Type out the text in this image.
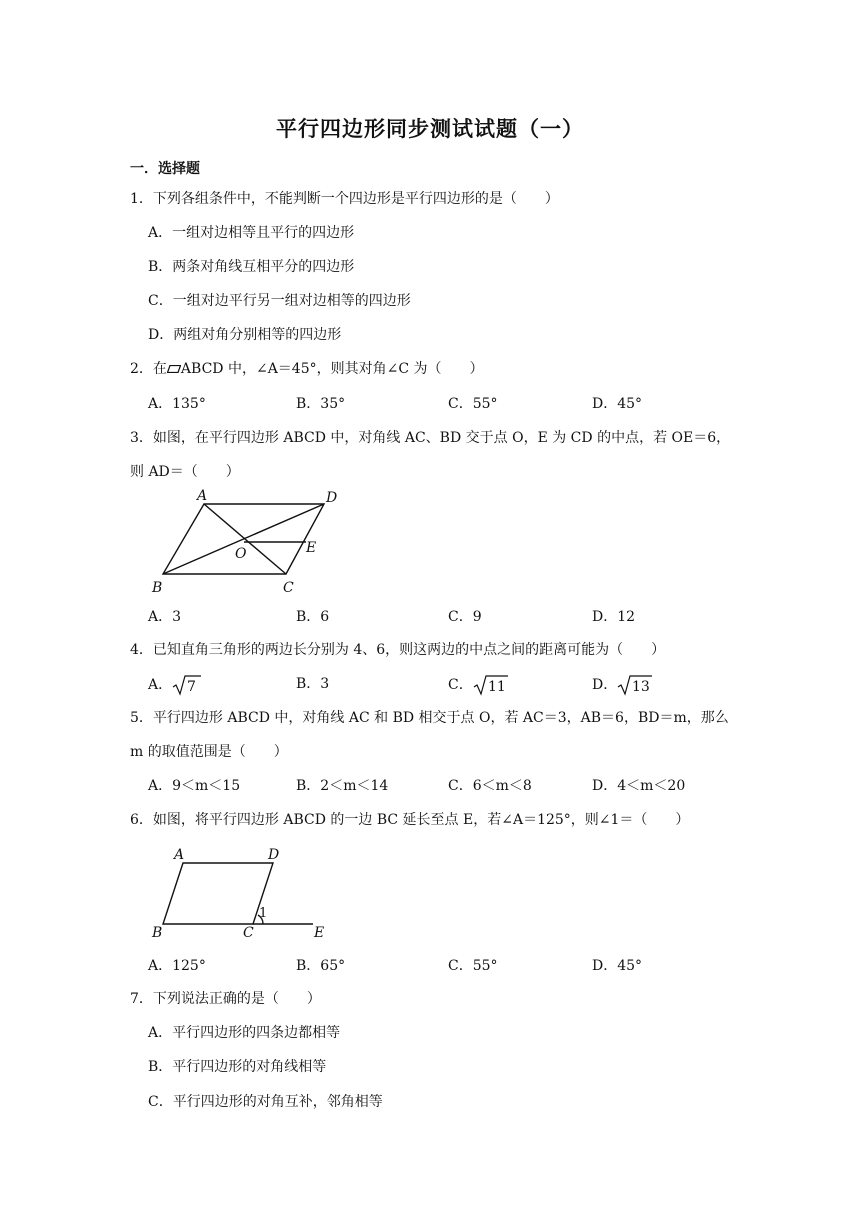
平行四边形同步测试试题（一）
一．选择题
1．下列各组条件中，不能判断一个四边形是平行四边形的是（　　）
A．一组对边相等且平行的四边形
B．两条对角线互相平分的四边形
C．一组对边平行另一组对边相等的四边形
D．两组对角分别相等的四边形
2．在 ABCD 中，∠A＝45°，则其对角∠C 为（　　）
A．135°	B．35°	C．55°	D．45°
3．如图，在平行四边形 ABCD 中，对角线 AC、BD 交于点 O，E 为 CD 的中点，若 OE＝6，
则 AD＝（　　）
A	D
O	E
B	C
A．3	B．6	C．9	D．12
4．已知直角三角形的两边长分别为 4、6，则这两边的中点之间的距离可能为（　　）
A． 7	B．3	C． 11	D． 13
5．平行四边形 ABCD 中，对角线 AC 和 BD 相交于点 O，若 AC＝3，AB＝6，BD＝m，那么
m 的取值范围是（　　）
A．9＜m＜15	B．2＜m＜14	C．6＜m＜8	D．4＜m＜20
6．如图，将平行四边形 ABCD 的一边 BC 延长至点 E，若∠A＝125°，则∠1＝（　　）
A	D
B	C	E
1
A．125°	B．65°	C．55°	D．45°
7．下列说法正确的是（　　）
A．平行四边形的四条边都相等
B．平行四边形的对角线相等
C．平行四边形的对角互补，邻角相等
